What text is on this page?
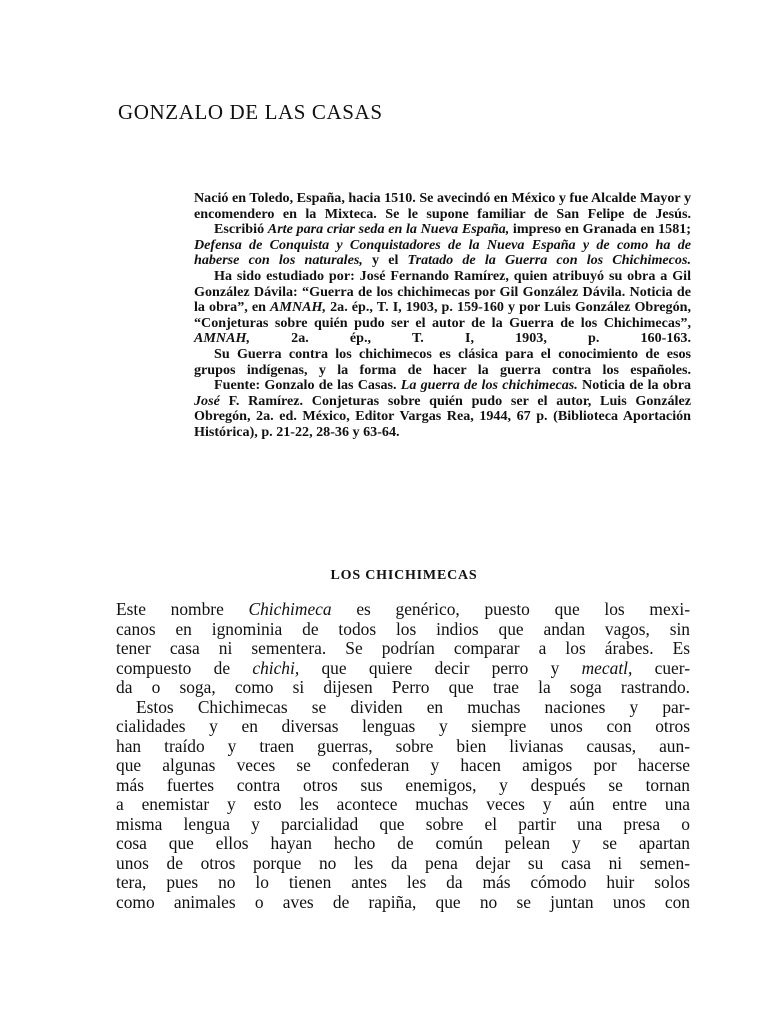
GONZALO DE LAS CASAS

Nació en Toledo, España, hacia 1510. Se avecindó en México y fue Alcalde Mayor y encomendero en la Mixteca. Se le supone familiar de San Felipe de Jesús.

Escribió Arte para criar seda en la Nueva España, impreso en Granada en 1581; Defensa de Conquista y Conquistadores de la Nueva España y de como ha de haberse con los naturales, y el Tratado de la Guerra con los Chichimecos.

Ha sido estudiado por: José Fernando Ramírez, quien atribuyó su obra a Gil González Dávila: “Guerra de los chichimecas por Gil González Dávila. Noticia de la obra”, en AMNAH, 2a. ép., T. I, 1903, p. 159-160 y por Luis González Obregón, “Conjeturas sobre quién pudo ser el autor de la Guerra de los Chichimecas”, AMNAH, 2a. ép., T. I, 1903, p. 160-163.

Su Guerra contra los chichimecos es clásica para el conocimiento de esos grupos indígenas, y la forma de hacer la guerra contra los españoles.

Fuente: Gonzalo de las Casas. La guerra de los chichimecas. Noticia de la obra José F. Ramírez. Conjeturas sobre quién pudo ser el autor, Luis González Obregón, 2a. ed. México, Editor Vargas Rea, 1944, 67 p. (Biblioteca Aportación Histórica), p. 21-22, 28-36 y 63-64.

LOS CHICHIMECAS
Este nombre Chichimeca es genérico, puesto que los mexi-
canos en ignominia de todos los indios que andan vagos, sin
tener casa ni sementera. Se podrían comparar a los árabes. Es
compuesto de chichi, que quiere decir perro y mecatl, cuer-
da o soga, como si dijesen Perro que trae la soga rastrando.
Estos Chichimecas se dividen en muchas naciones y par-
cialidades y en diversas lenguas y siempre unos con otros
han traído y traen guerras, sobre bien livianas causas, aun-
que algunas veces se confederan y hacen amigos por hacerse
más fuertes contra otros sus enemigos, y después se tornan
a enemistar y esto les acontece muchas veces y aún entre una
misma lengua y parcialidad que sobre el partir una presa o
cosa que ellos hayan hecho de común pelean y se apartan
unos de otros porque no les da pena dejar su casa ni semen-
tera, pues no lo tienen antes les da más cómodo huir solos
como animales o aves de rapiña, que no se juntan unos con
